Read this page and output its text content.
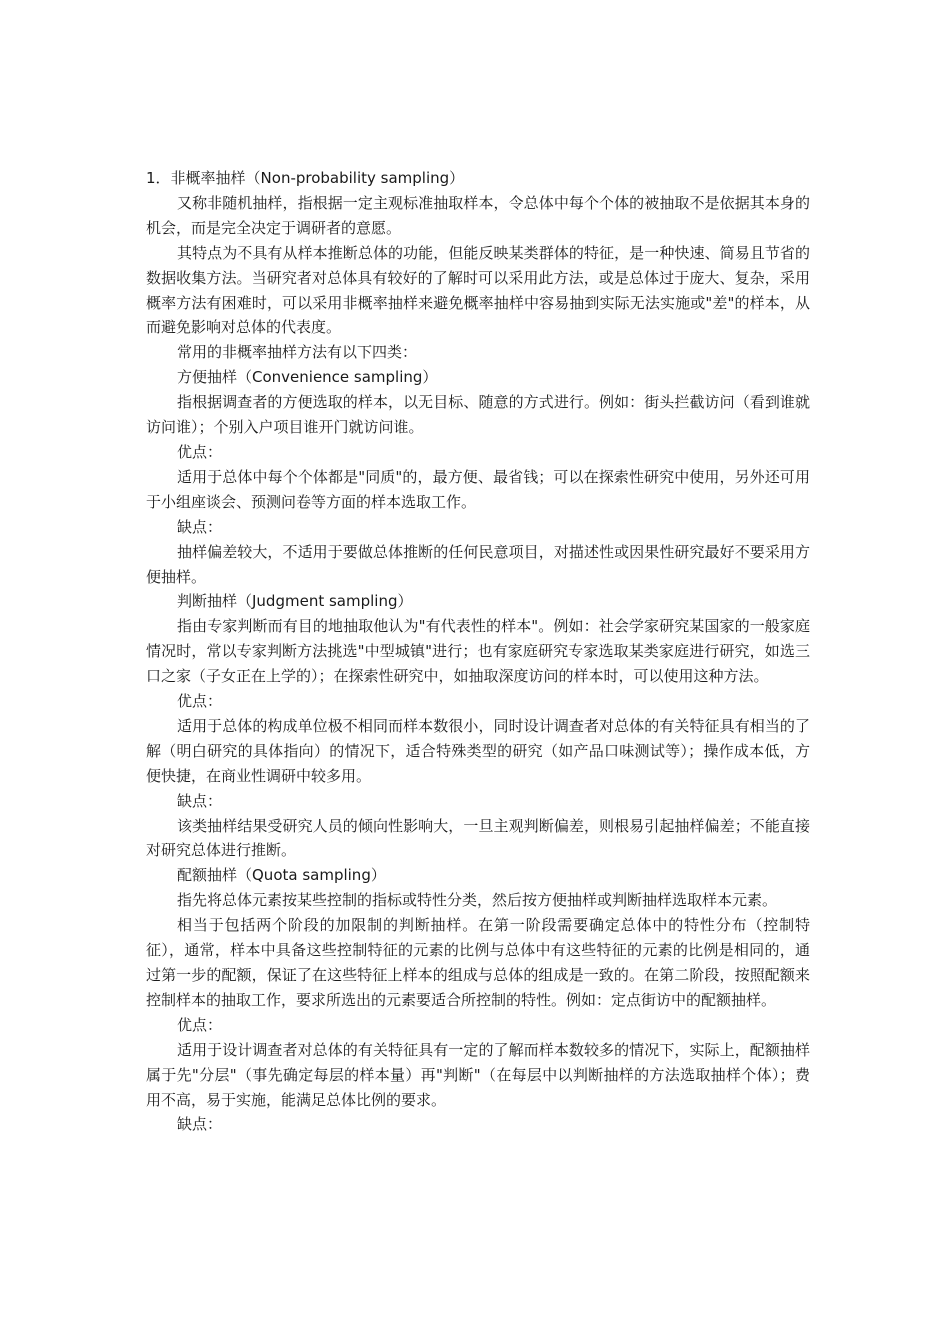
1．非概率抽样（Non-probability sampling）

又称非随机抽样，指根据一定主观标准抽取样本，令总体中每个个体的被抽取不是依据其本身的机会，而是完全决定于调研者的意愿。

其特点为不具有从样本推断总体的功能，但能反映某类群体的特征，是一种快速、简易且节省的数据收集方法。当研究者对总体具有较好的了解时可以采用此方法，或是总体过于庞大、复杂，采用概率方法有困难时，可以采用非概率抽样来避免概率抽样中容易抽到实际无法实施或"差"的样本，从而避免影响对总体的代表度。

常用的非概率抽样方法有以下四类：

方便抽样（Convenience sampling）

指根据调查者的方便选取的样本，以无目标、随意的方式进行。例如：街头拦截访问（看到谁就访问谁）；个别入户项目谁开门就访问谁。

优点：

适用于总体中每个个体都是"同质"的，最方便、最省钱；可以在探索性研究中使用，另外还可用于小组座谈会、预测问卷等方面的样本选取工作。

缺点：

抽样偏差较大，不适用于要做总体推断的任何民意项目，对描述性或因果性研究最好不要采用方便抽样。

判断抽样（Judgment sampling）

指由专家判断而有目的地抽取他认为"有代表性的样本"。例如：社会学家研究某国家的一般家庭情况时，常以专家判断方法挑选"中型城镇"进行；也有家庭研究专家选取某类家庭进行研究，如选三口之家（子女正在上学的）；在探索性研究中，如抽取深度访问的样本时，可以使用这种方法。

优点：

适用于总体的构成单位极不相同而样本数很小，同时设计调查者对总体的有关特征具有相当的了解（明白研究的具体指向）的情况下，适合特殊类型的研究（如产品口味测试等）；操作成本低，方便快捷，在商业性调研中较多用。

缺点：

该类抽样结果受研究人员的倾向性影响大，一旦主观判断偏差，则根易引起抽样偏差；不能直接对研究总体进行推断。

配额抽样（Quota sampling）

指先将总体元素按某些控制的指标或特性分类，然后按方便抽样或判断抽样选取样本元素。

相当于包括两个阶段的加限制的判断抽样。在第一阶段需要确定总体中的特性分布（控制特征），通常，样本中具备这些控制特征的元素的比例与总体中有这些特征的元素的比例是相同的，通过第一步的配额，保证了在这些特征上样本的组成与总体的组成是一致的。在第二阶段，按照配额来控制样本的抽取工作，要求所选出的元素要适合所控制的特性。例如：定点街访中的配额抽样。

优点：

适用于设计调查者对总体的有关特征具有一定的了解而样本数较多的情况下，实际上，配额抽样属于先"分层"（事先确定每层的样本量）再"判断"（在每层中以判断抽样的方法选取抽样个体）；费用不高，易于实施，能满足总体比例的要求。

缺点：
